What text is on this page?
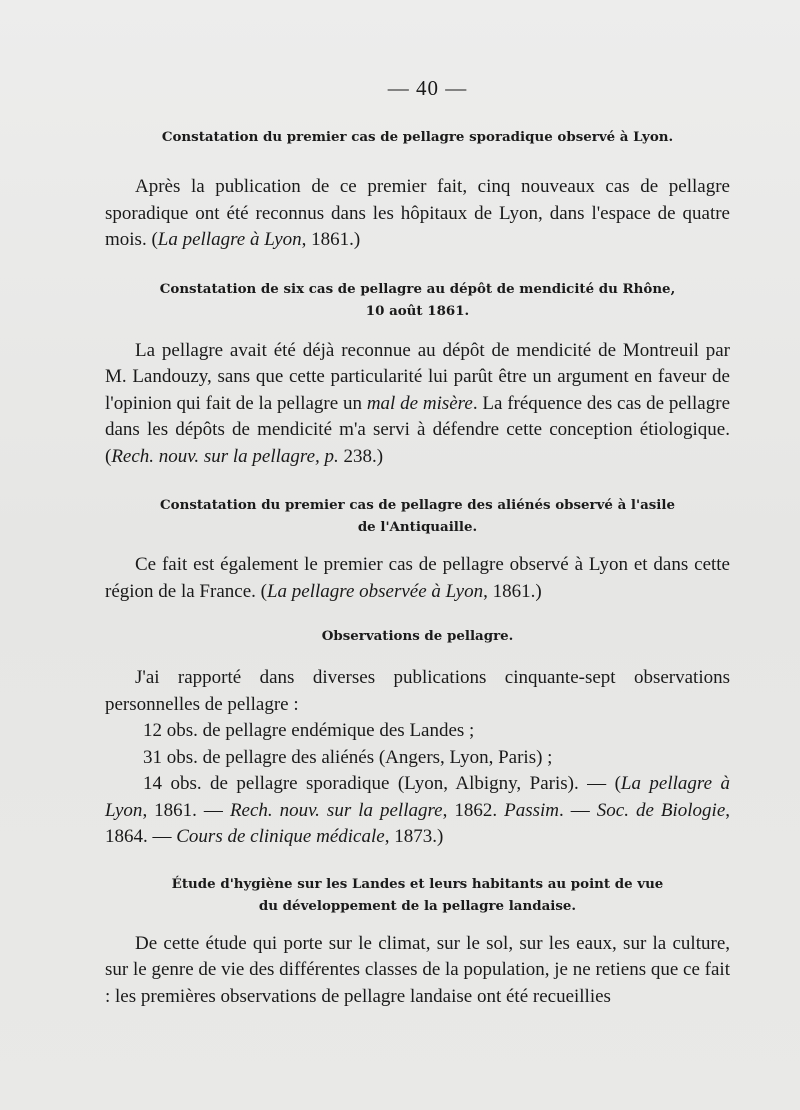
— 40 —
Constatation du premier cas de pellagre sporadique observé à Lyon.

Après la publication de ce premier fait, cinq nouveaux cas de pellagre sporadique ont été reconnus dans les hôpitaux de Lyon, dans l'espace de quatre mois. (La pellagre à Lyon, 1861.)

Constatation de six cas de pellagre au dépôt de mendicité du Rhône,
10 août 1861.

La pellagre avait été déjà reconnue au dépôt de mendicité de Montreuil par M. Landouzy, sans que cette particularité lui parût être un argument en faveur de l'opinion qui fait de la pellagre un mal de misère. La fréquence des cas de pellagre dans les dépôts de mendicité m'a servi à défendre cette conception étiologique. (Rech. nouv. sur la pellagre, p. 238.)

Constatation du premier cas de pellagre des aliénés observé à l'asile
de l'Antiquaille.

Ce fait est également le premier cas de pellagre observé à Lyon et dans cette région de la France. (La pellagre observée à Lyon, 1861.)

Observations de pellagre.

J'ai rapporté dans diverses publications cinquante-sept observations personnelles de pellagre :

12 obs. de pellagre endémique des Landes ;

31 obs. de pellagre des aliénés (Angers, Lyon, Paris) ;

14 obs. de pellagre sporadique (Lyon, Albigny, Paris). — (La pellagre à Lyon, 1861. — Rech. nouv. sur la pellagre, 1862. Passim. — Soc. de Biologie, 1864. — Cours de clinique médicale, 1873.)

Étude d'hygiène sur les Landes et leurs habitants au point de vue
du développement de la pellagre landaise.

De cette étude qui porte sur le climat, sur le sol, sur les eaux, sur la culture, sur le genre de vie des différentes classes de la population, je ne retiens que ce fait : les premières observations de pellagre landaise ont été recueillies
